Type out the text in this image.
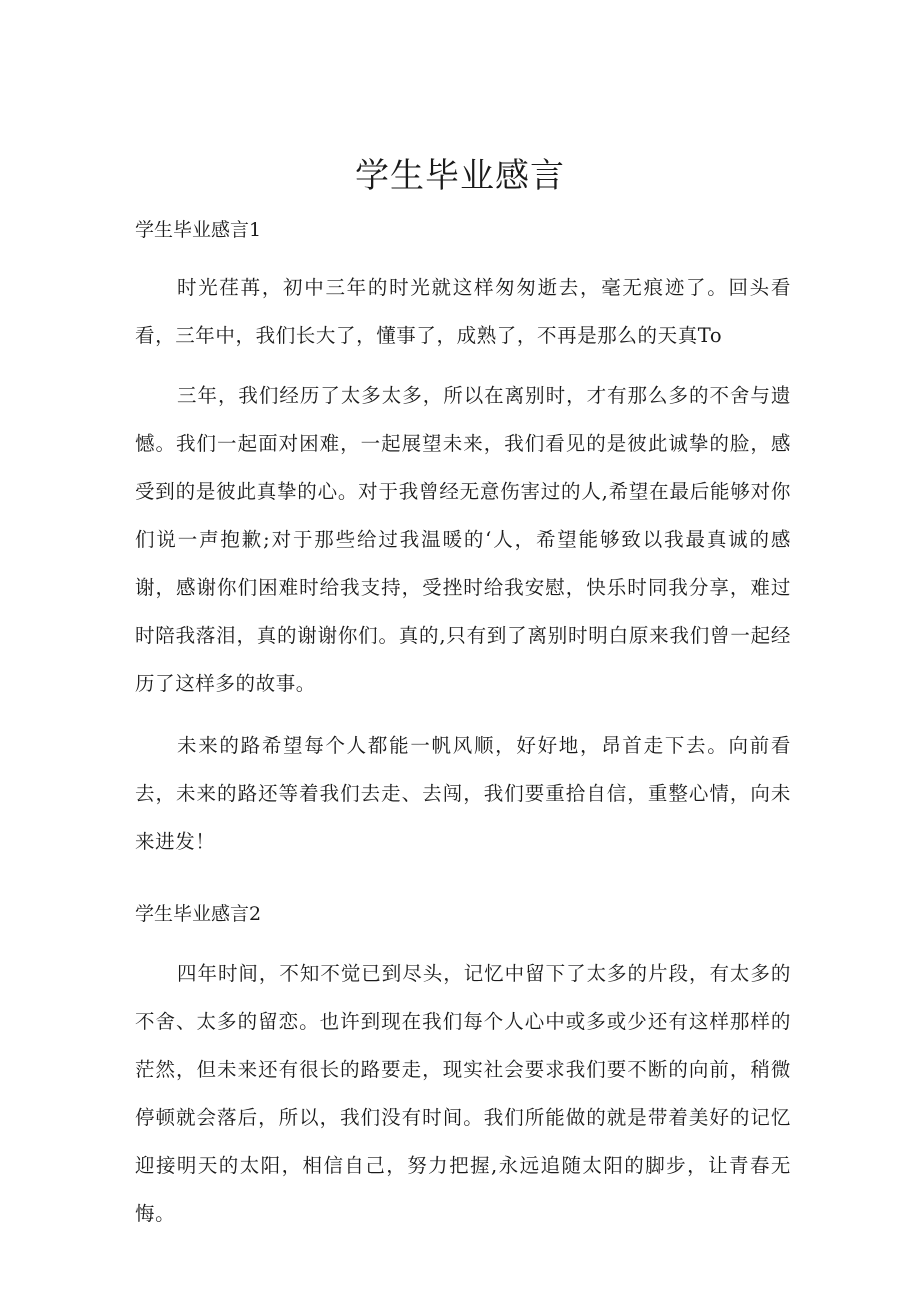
学生毕业感言
学生毕业感言1

时光荏苒，初中三年的时光就这样匆匆逝去，毫无痕迹了。回头看看，三年中，我们长大了，懂事了，成熟了，不再是那么的天真To

三年，我们经历了太多太多，所以在离别时，才有那么多的不舍与遗憾。我们一起面对困难，一起展望未来，我们看见的是彼此诚挚的脸，感受到的是彼此真挚的心。对于我曾经无意伤害过的人,希望在最后能够对你们说一声抱歉;对于那些给过我温暖的‘人，希望能够致以我最真诚的感谢，感谢你们困难时给我支持，受挫时给我安慰，快乐时同我分享，难过时陪我落泪，真的谢谢你们。真的,只有到了离别时明白原来我们曾一起经历了这样多的故事。

未来的路希望每个人都能一帆风顺，好好地，昂首走下去。向前看去，未来的路还等着我们去走、去闯，我们要重拾自信，重整心情，向未来进发！

学生毕业感言2

四年时间，不知不觉已到尽头，记忆中留下了太多的片段，有太多的不舍、太多的留恋。也许到现在我们每个人心中或多或少还有这样那样的茫然，但未来还有很长的路要走，现实社会要求我们要不断的向前，稍微停顿就会落后，所以，我们没有时间。我们所能做的就是带着美好的记忆迎接明天的太阳，相信自己，努力把握,永远追随太阳的脚步，让青春无悔。
